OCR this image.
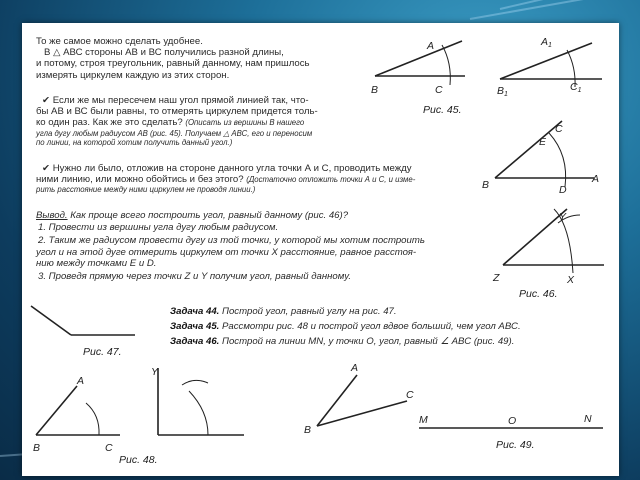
То же самое можно сделать удобнее.
В △ АВС стороны АВ и ВС получились разной длины,
и потому, строя треугольник, равный данному, нам пришлось
измерять циркулем каждую из этих сторон.
✔ Если же мы пересечем наш угол прямой линией так, что-
бы АВ и ВС были равны, то отмерять циркулем придется толь-
ко один раз. Как же это сделать? (Описать из вершины В нашего
угла дугу любым радиусом АВ (рис. 45). Получаем △ АВС, его и переносим
по линии, на которой хотим получить данный угол.)
✔ Нужно ли было, отложив на стороне данного угла точки А и С, проводить между
ними линию, или можно обойтись и без этого? (Достаточно отложить точки А и С, и изме-
рить расстояние между ними циркулем не проводя линии.)
Вывод. Как проще всего построить угол, равный данному (рис. 46)?
1. Провести из вершины угла дугу любым радиусом.
2. Таким же радиусом провести дугу из той точки, у которой мы хотим построить
угол и на этой дуге отмерить циркулем от точки Х расстояние, равное расстоя-
нию между точками E и D.
3. Проведя прямую через точки Z и Y получим угол, равный данному.
Задача 44. Построй угол, равный углу на рис. 47.
Задача 45. Рассмотри рис. 48 и построй угол вдвое больший, чем угол АВС.
Задача 46. Построй на линии MN, у точки O, угол, равный ∠ АВС (рис. 49).
A
B	C
A1
B1
C1
Рис. 45.
C
E
B	D
A
Y
Z	X
Рис. 46.
Рис. 47.
A
B	C
Y
Рис. 48.
A
B
C
M	O	N
Рис. 49.
